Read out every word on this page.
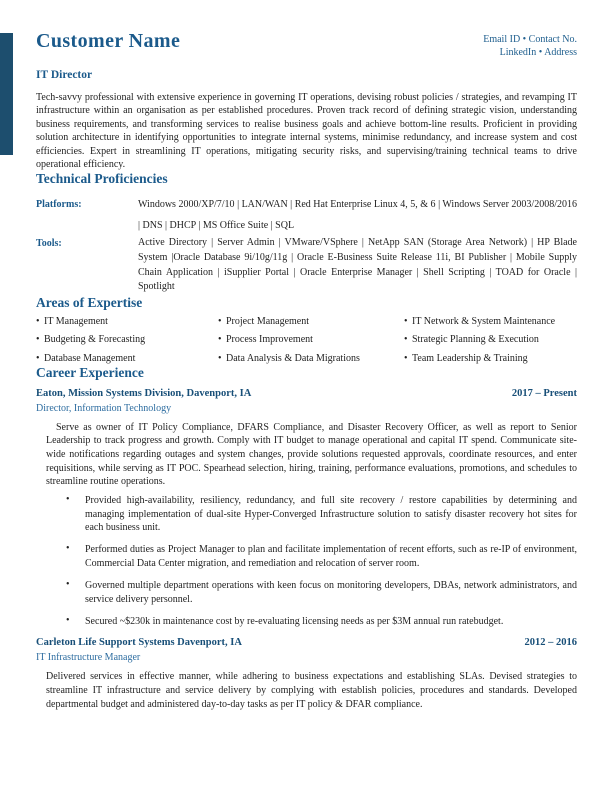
Customer Name	Email ID • Contact No.
LinkedIn • Address
IT Director

Tech-savvy professional with extensive experience in governing IT operations, devising robust policies / strategies, and revamping IT infrastructure within an organisation as per established procedures. Proven track record of defining strategic vision, understanding business requirements, and transforming services to realise business goals and achieve bottom-line results. Proficient in providing solution architecture in identifying opportunities to integrate internal systems, minimise redundancy, and increase system and cost efficiencies. Expert in streamlining IT operations, mitigating security risks, and supervising/training technical teams to drive operational efficiency.

Technical Proficiencies
Platforms:	Windows 2000/XP/7/10 | LAN/WAN | Red Hat Enterprise Linux 4, 5, & 6 | Windows Server 2003/2008/2016 | DNS | DHCP | MS Office Suite | SQL
Tools:	Active Directory | Server Admin | VMware/VSphere | NetApp SAN (Storage Area Network) | HP Blade System |Oracle Database 9i/10g/11g | Oracle E-Business Suite Release 11i, BI Publisher | Mobile Supply Chain Application | iSupplier Portal | Oracle Enterprise Manager | Shell Scripting | TOAD for Oracle | Spotlight
Areas of Expertise
• IT Management	• Project Management	• IT Network & System Maintenance
• Budgeting & Forecasting	• Process Improvement	• Strategic Planning & Execution
• Database Management	• Data Analysis & Data Migrations	• Team Leadership & Training
Career Experience
Eaton, Mission Systems Division, Davenport, IA	2017 – Present
Director, Information Technology

Serve as owner of IT Policy Compliance, DFARS Compliance, and Disaster Recovery Officer, as well as report to Senior Leadership to track progress and growth. Comply with IT budget to manage operational and capital IT spend. Communicate site-wide notifications regarding outages and system changes, provide solutions requested approvals, coordinate resources, and enter requisitions, while serving as IT POC. Spearhead selection, hiring, training, performance evaluations, promotions, and schedules to streamline routine operations.

• Provided high-availability, resiliency, redundancy, and full site recovery / restore capabilities by determining and managing implementation of dual-site Hyper-Converged Infrastructure solution to satisfy disaster recovery hot sites for each business unit.
• Performed duties as Project Manager to plan and facilitate implementation of recent efforts, such as re-IP of environment, Commercial Data Center migration, and remediation and relocation of server room.
• Governed multiple department operations with keen focus on monitoring developers, DBAs, network administrators, and service delivery personnel.
• Secured ~$230k in maintenance cost by re-evaluating licensing needs as per $3M annual run ratebudget.
Carleton Life Support Systems Davenport, IA	2012 – 2016
IT Infrastructure Manager

Delivered services in effective manner, while adhering to business expectations and establishing SLAs. Devised strategies to streamline IT infrastructure and service delivery by complying with establish policies, procedures and standards. Developed departmental budget and administered day-to-day tasks as per IT policy & DFAR compliance.
